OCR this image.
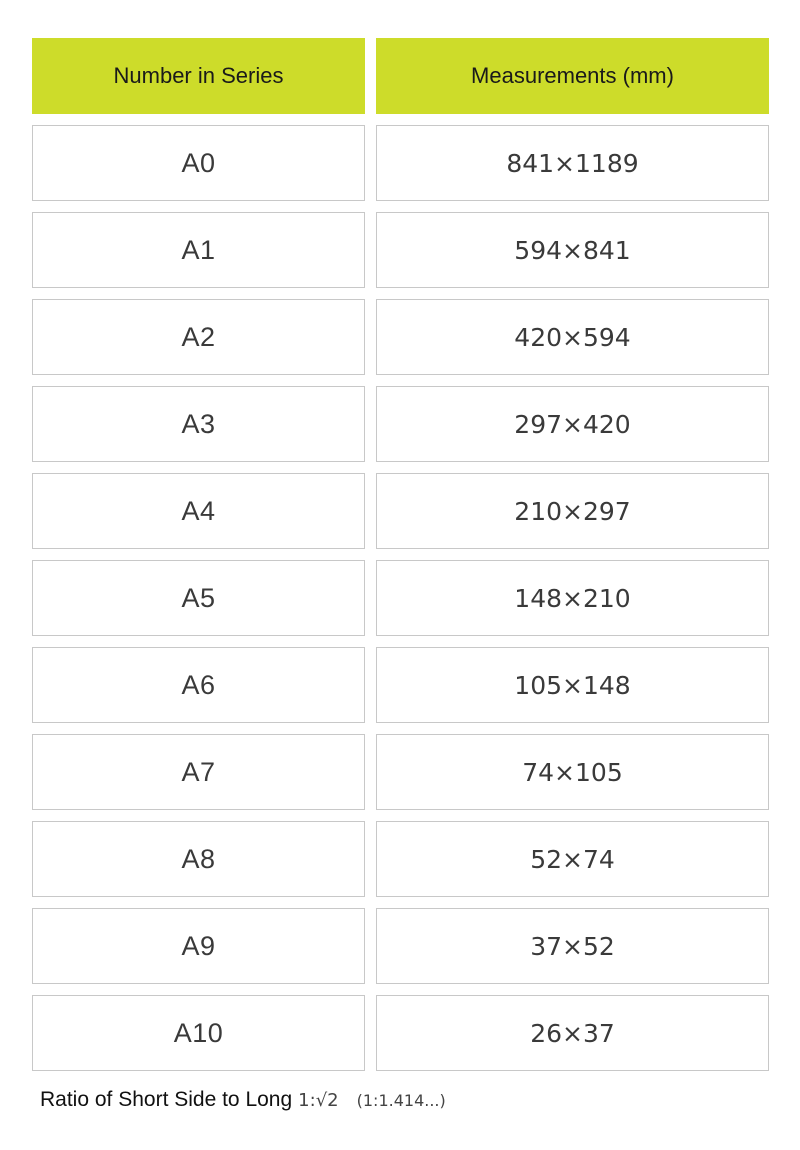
Number in Series	Measurements (mm)
A0	841×1189
A1	594×841
A2	420×594
A3	297×420
A4	210×297
A5	148×210
A6	105×148
A7	74×105
A8	52×74
A9	37×52
A10	26×37
Ratio of Short Side to Long 1:√2 (1:1.414...)
